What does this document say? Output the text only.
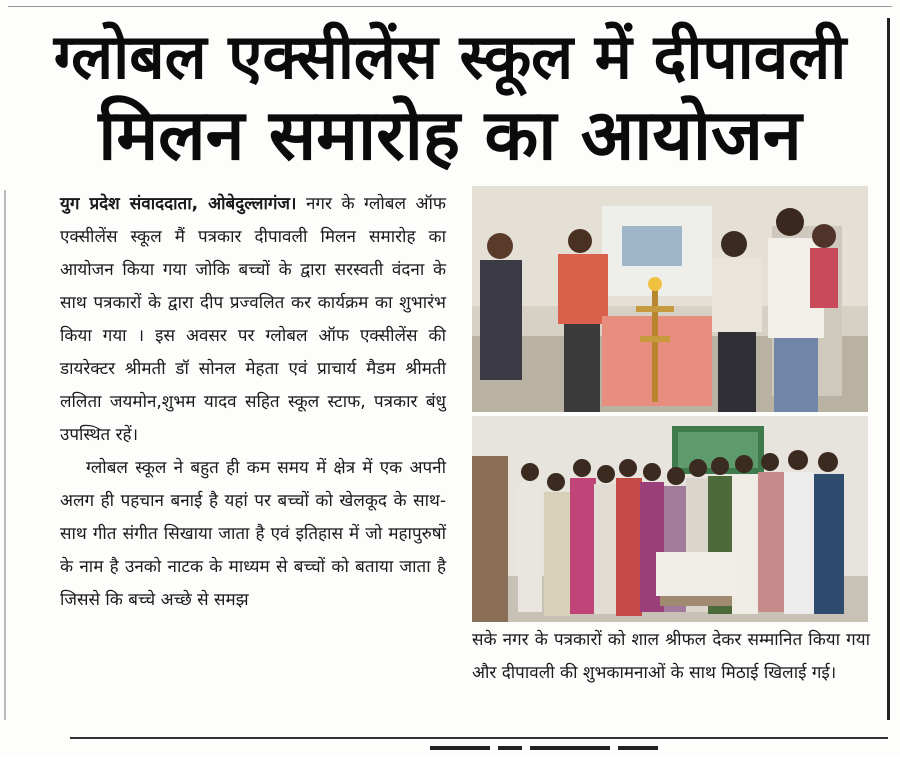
ग्लोबल एक्सीलेंस स्कूल में दीपावली
मिलन समारोह का आयोजन

युग प्रदेश संवाददाता, ओबेदुल्लागंज। नगर के ग्लोबल ऑफ एक्सीलेंस स्कूल मैं पत्रकार दीपावली मिलन समारोह का आयोजन किया गया जोकि बच्चों के द्वारा सरस्वती वंदना के साथ पत्रकारों के द्वारा दीप प्रज्वलित कर कार्यक्रम का शुभारंभ किया गया । इस अवसर पर ग्लोबल ऑफ एक्सीलेंस की डायरेक्टर श्रीमती डॉ सोनल मेहता एवं प्राचार्य मैडम श्रीमती ललिता जयमोन,शुभम यादव सहित स्कूल स्टाफ, पत्रकार बंधु उपस्थित रहें।

ग्लोबल स्कूल ने बहुत ही कम समय में क्षेत्र में एक अपनी अलग ही पहचान बनाई है यहां पर बच्चों को खेलकूद के साथ-साथ गीत संगीत सिखाया जाता है एवं इतिहास में जो महापुरुषों के नाम है उनको नाटक के माध्यम से बच्चों को बताया जाता है जिससे कि बच्चे अच्छे से समझ

सके नगर के पत्रकारों को शाल श्रीफल देकर सम्मानित किया गया और दीपावली की शुभकामनाओं के साथ मिठाई खिलाई गई।
